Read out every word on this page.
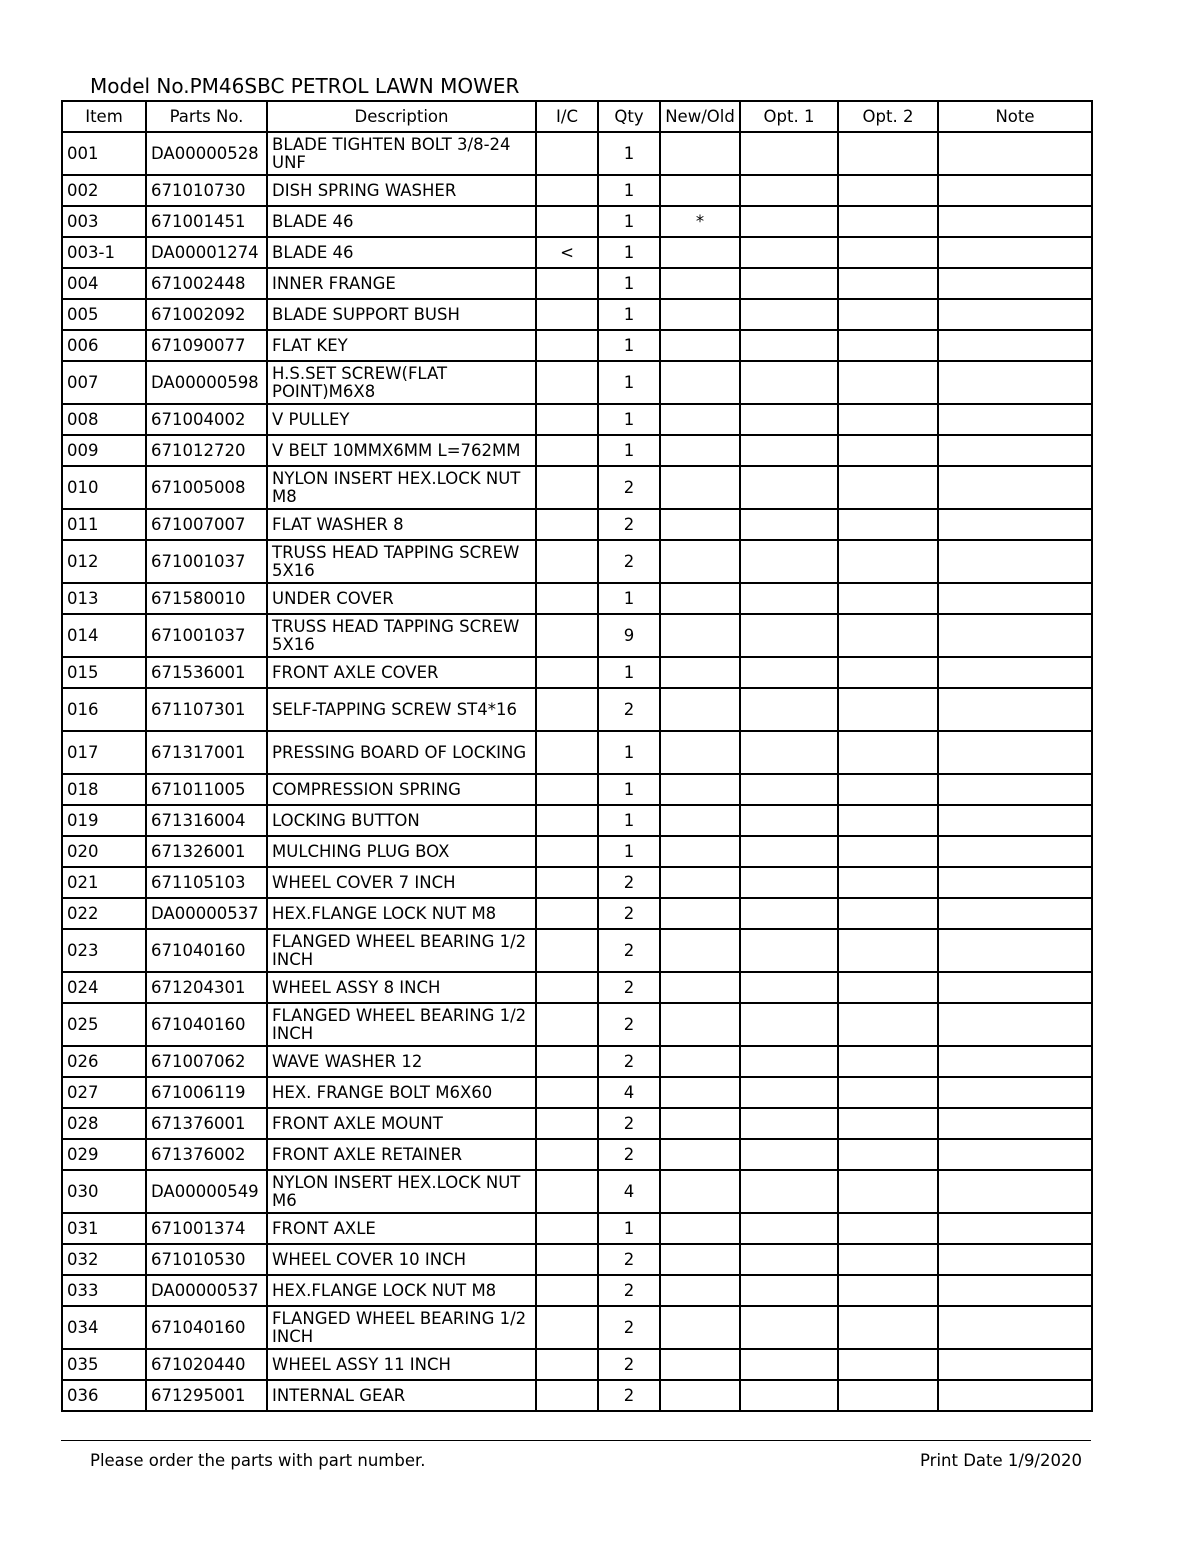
Model No.PM46SBC PETROL LAWN MOWER
Item	Parts No.	Description	I/C	Qty	New/Old	Opt. 1	Opt. 2	Note
001	DA00000528	BLADE TIGHTEN BOLT 3/8-24 UNF		1				
002	671010730	DISH SPRING WASHER		1				
003	671001451	BLADE 46		1	*			
003-1	DA00001274	BLADE 46	<	1				
004	671002448	INNER FRANGE		1				
005	671002092	BLADE SUPPORT BUSH		1				
006	671090077	FLAT KEY		1				
007	DA00000598	H.S.SET SCREW(FLAT POINT)M6X8		1				
008	671004002	V PULLEY		1				
009	671012720	V BELT 10MMX6MM L=762MM		1				
010	671005008	NYLON INSERT HEX.LOCK NUT M8		2				
011	671007007	FLAT WASHER 8		2				
012	671001037	TRUSS HEAD TAPPING SCREW 5X16		2				
013	671580010	UNDER COVER		1				
014	671001037	TRUSS HEAD TAPPING SCREW 5X16		9				
015	671536001	FRONT AXLE COVER		1				
016	671107301	SELF-TAPPING SCREW ST4*16		2				
017	671317001	PRESSING BOARD OF LOCKING		1				
018	671011005	COMPRESSION SPRING		1				
019	671316004	LOCKING BUTTON		1				
020	671326001	MULCHING PLUG BOX		1				
021	671105103	WHEEL COVER 7 INCH		2				
022	DA00000537	HEX.FLANGE LOCK NUT M8		2				
023	671040160	FLANGED WHEEL BEARING 1/2 INCH		2				
024	671204301	WHEEL ASSY 8 INCH		2				
025	671040160	FLANGED WHEEL BEARING 1/2 INCH		2				
026	671007062	WAVE WASHER 12		2				
027	671006119	HEX. FRANGE BOLT M6X60		4				
028	671376001	FRONT AXLE MOUNT		2				
029	671376002	FRONT AXLE RETAINER		2				
030	DA00000549	NYLON INSERT HEX.LOCK NUT M6		4				
031	671001374	FRONT AXLE		1				
032	671010530	WHEEL COVER 10 INCH		2				
033	DA00000537	HEX.FLANGE LOCK NUT M8		2				
034	671040160	FLANGED WHEEL BEARING 1/2 INCH		2				
035	671020440	WHEEL ASSY 11 INCH		2				
036	671295001	INTERNAL GEAR		2				
Please order the parts with part number.	Print Date 1/9/2020
